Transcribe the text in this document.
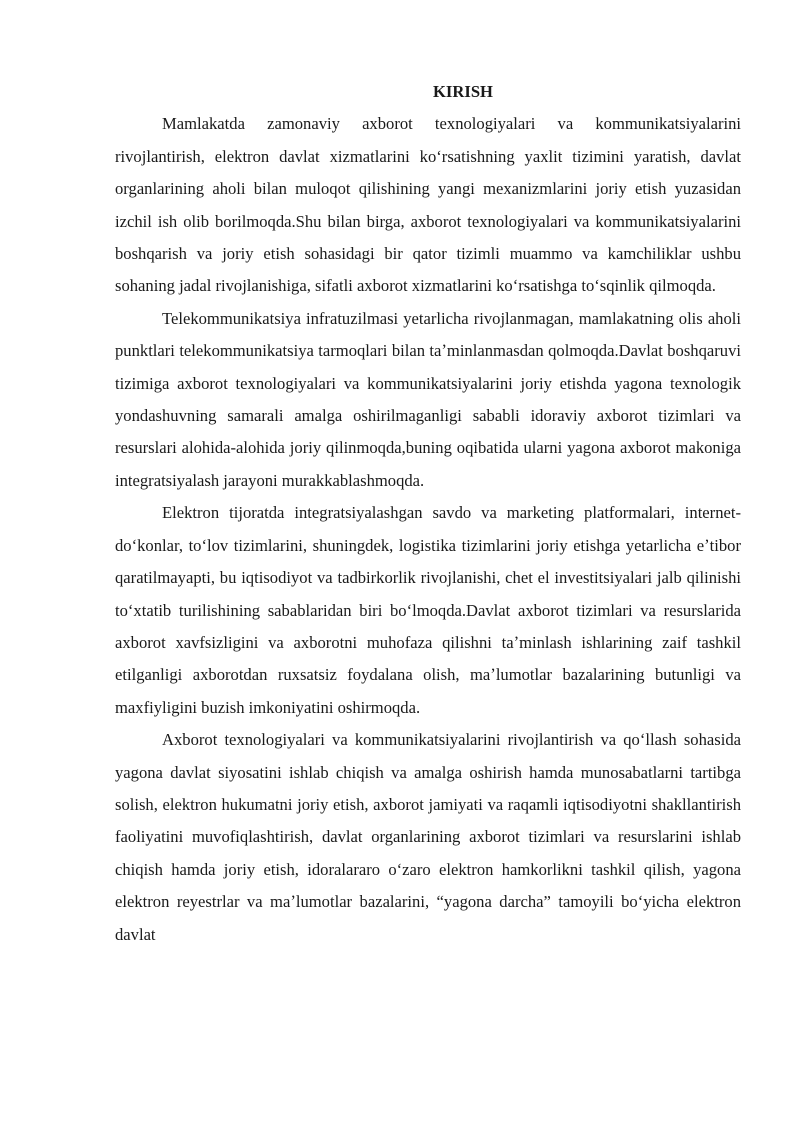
KIRISH

Mamlakatda zamonaviy axborot texnologiyalari va kommunikatsiyalarini rivojlantirish, elektron davlat xizmatlarini koʻrsatishning yaxlit tizimini yaratish, davlat organlarining aholi bilan muloqot qilishining yangi mexanizmlarini joriy etish yuzasidan izchil ish olib borilmoqda.Shu bilan birga, axborot texnologiyalari va kommunikatsiyalarini boshqarish va joriy etish sohasidagi bir qator tizimli muammo va kamchiliklar ushbu sohaning jadal rivojlanishiga, sifatli axborot xizmatlarini koʻrsatishga toʻsqinlik qilmoqda.

Telekommunikatsiya infratuzilmasi yetarlicha rivojlanmagan, mamlakatning olis aholi punktlari telekommunikatsiya tarmoqlari bilan taʼminlanmasdan qolmoqda.Davlat boshqaruvi tizimiga axborot texnologiyalari va kommunikatsiyalarini joriy etishda yagona texnologik yondashuvning samarali amalga oshirilmaganligi sababli idoraviy axborot tizimlari va resurslari alohida-alohida joriy qilinmoqda,buning oqibatida ularni yagona axborot makoniga integratsiyalash jarayoni murakkablashmoqda.

Elektron tijoratda integratsiyalashgan savdo va marketing platformalari, internet-doʻkonlar, toʻlov tizimlarini, shuningdek, logistika tizimlarini joriy etishga yetarlicha eʼtibor qaratilmayapti, bu iqtisodiyot va tadbirkorlik rivojlanishi, chet el investitsiyalari jalb qilinishi toʻxtatib turilishining sabablaridan biri boʻlmoqda.Davlat axborot tizimlari va resurslarida axborot xavfsizligini va axborotni muhofaza qilishni taʼminlash ishlarining zaif tashkil etilganligi axborotdan ruxsatsiz foydalana olish, maʼlumotlar bazalarining butunligi va maxfiyligini buzish imkoniyatini oshirmoqda.

Axborot texnologiyalari va kommunikatsiyalarini rivojlantirish va qoʻllash sohasida yagona davlat siyosatini ishlab chiqish va amalga oshirish hamda munosabatlarni tartibga solish, elektron hukumatni joriy etish, axborot jamiyati va raqamli iqtisodiyotni shakllantirish faoliyatini muvofiqlashtirish, davlat organlarining axborot tizimlari va resurslarini ishlab chiqish hamda joriy etish, idoralararo oʻzaro elektron hamkorlikni tashkil qilish, yagona elektron reyestrlar va maʼlumotlar bazalarini, “yagona darcha” tamoyili boʻyicha elektron davlat
